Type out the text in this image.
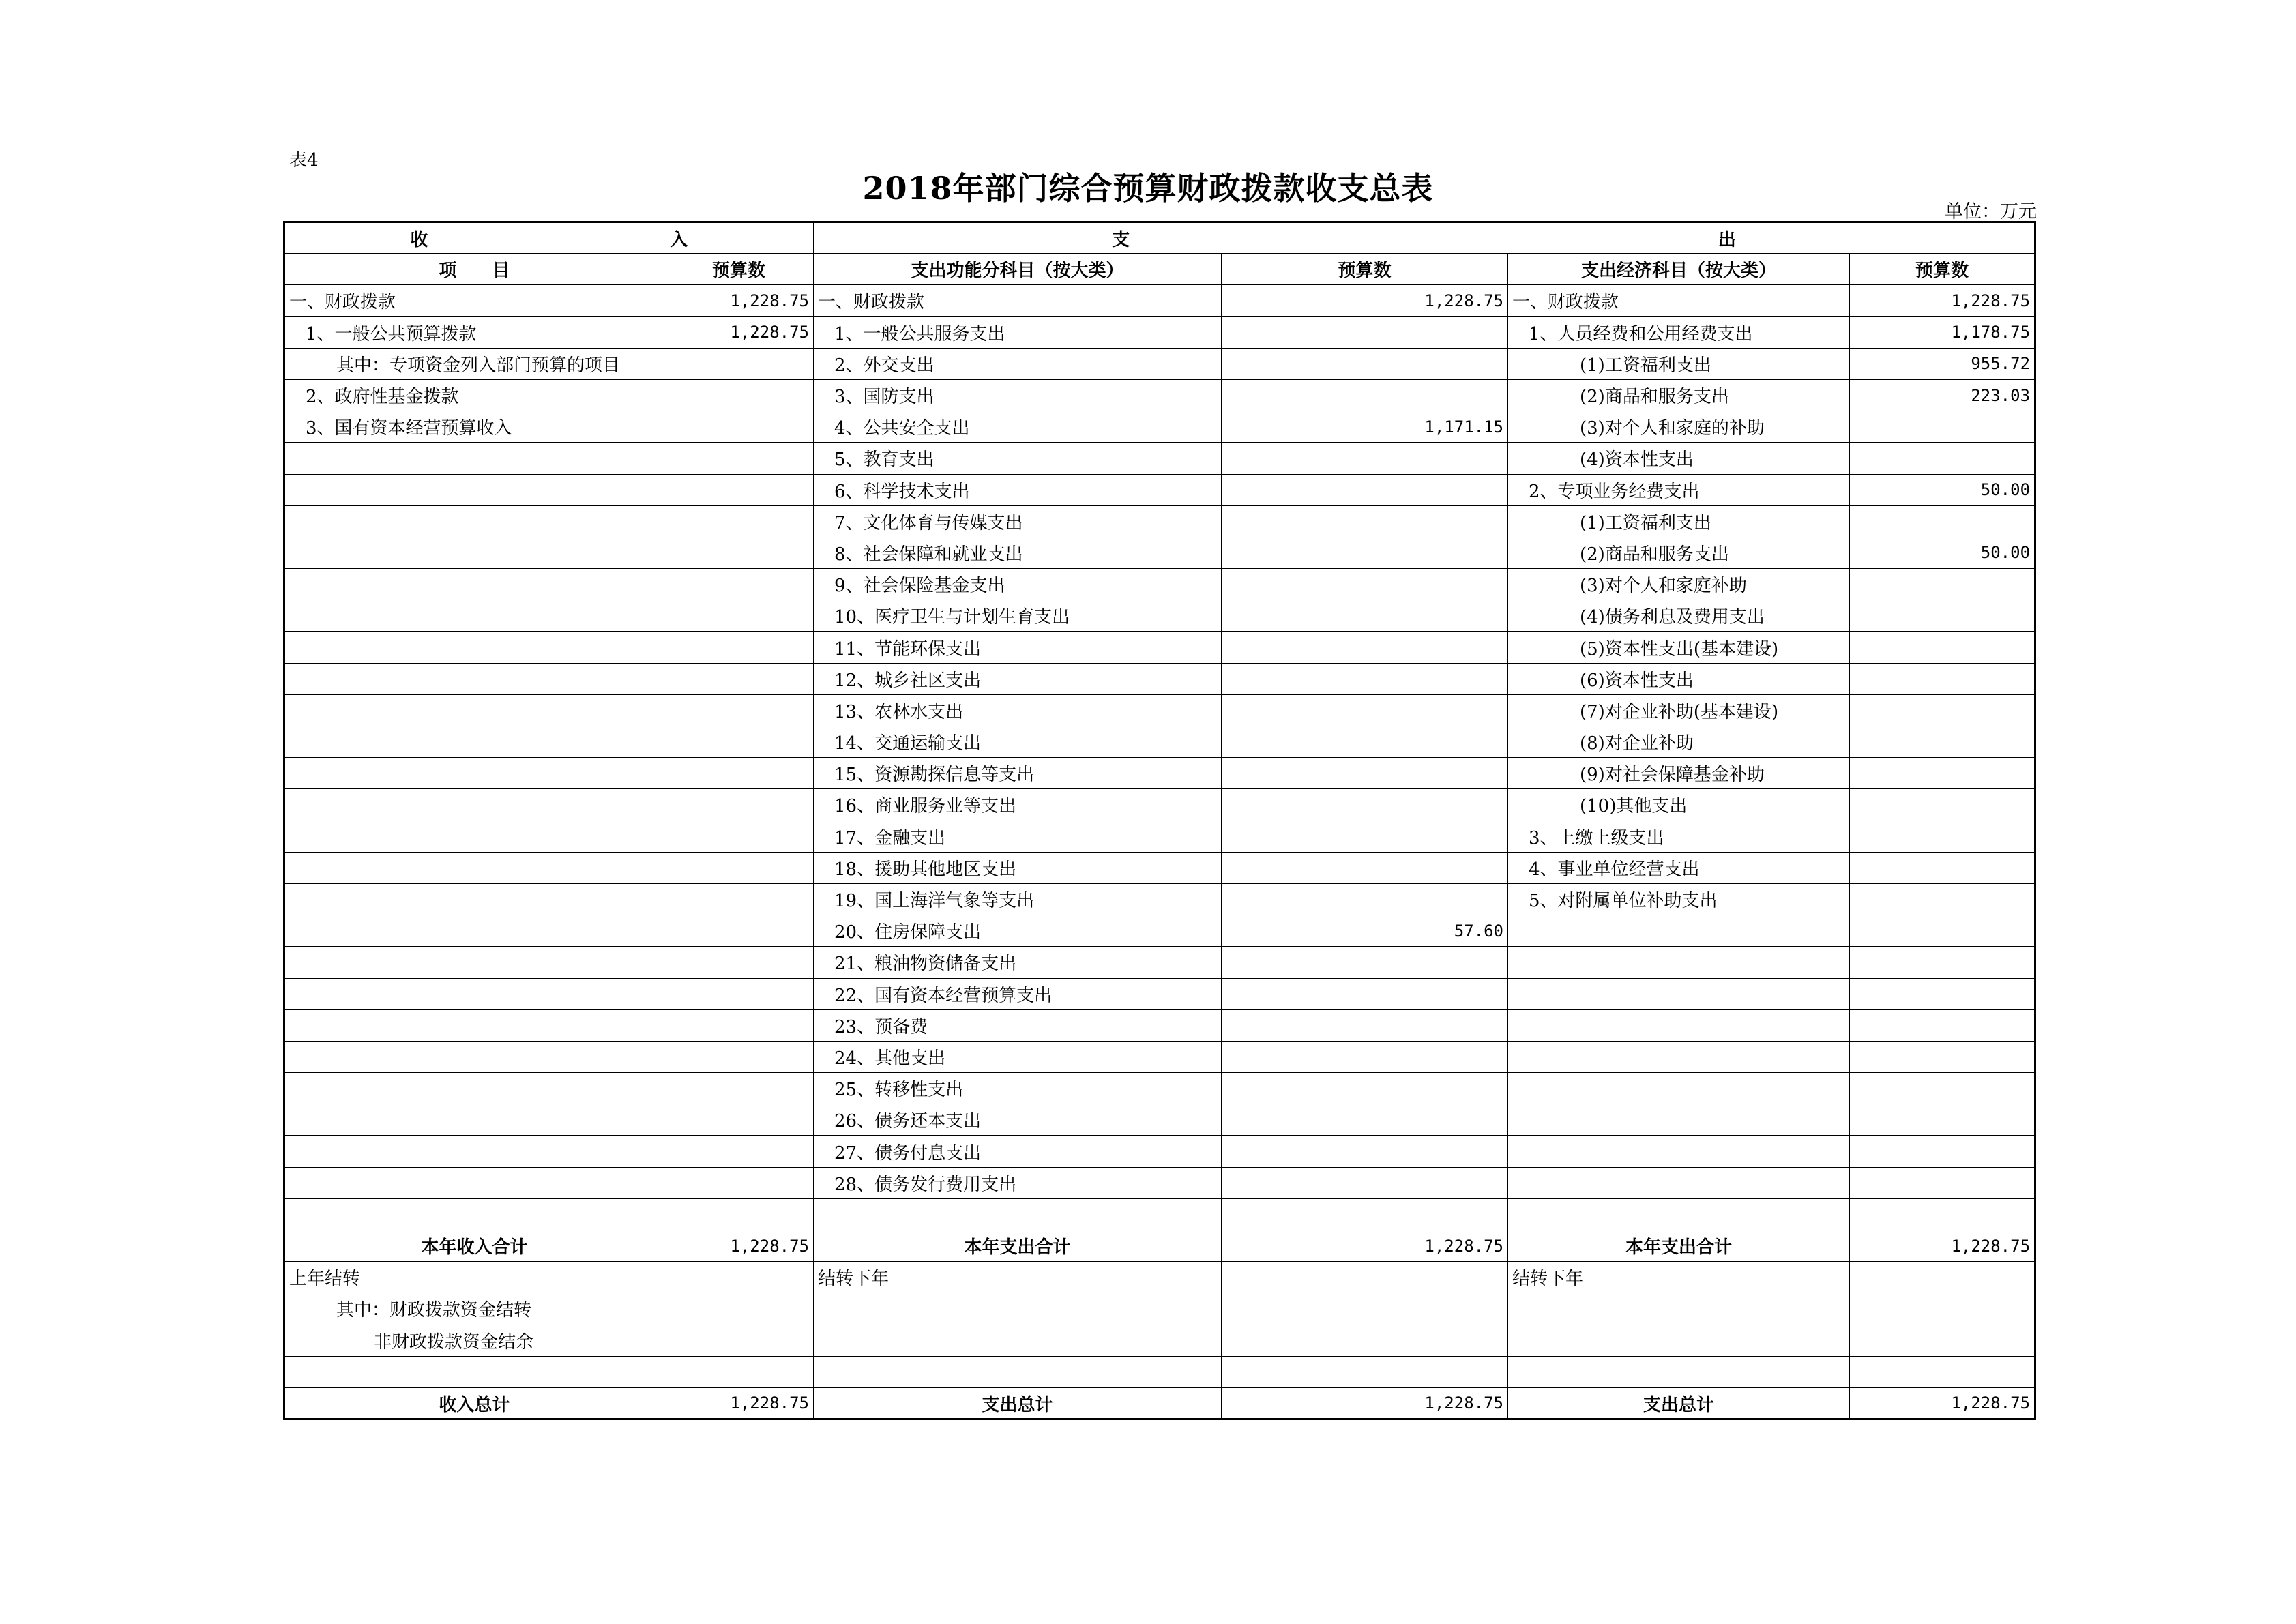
表4
2018年部门综合预算财政拨款收支总表
单位：万元
收 入		支 出			

项　　目	预算数	支出功能分科目（按大类）	预算数	支出经济科目（按大类）	预算数
一、财政拨款	1,228.75	一、财政拨款	1,228.75	一、财政拨款	1,228.75
1、一般公共预算拨款	1,228.75	1、一般公共服务支出		1、人员经费和公用经费支出	1,178.75
其中：专项资金列入部门预算的项目		2、外交支出		(1)工资福利支出	955.72
2、政府性基金拨款		3、国防支出		(2)商品和服务支出	223.03
3、国有资本经营预算收入		4、公共安全支出	1,171.15	(3)对个人和家庭的补助	
		5、教育支出		(4)资本性支出	
		6、科学技术支出		2、专项业务经费支出	50.00
		7、文化体育与传媒支出		(1)工资福利支出	
		8、社会保障和就业支出		(2)商品和服务支出	50.00
		9、社会保险基金支出		(3)对个人和家庭补助	
		10、医疗卫生与计划生育支出		(4)债务利息及费用支出	
		11、节能环保支出		(5)资本性支出(基本建设)	
		12、城乡社区支出		(6)资本性支出	
		13、农林水支出		(7)对企业补助(基本建设)	
		14、交通运输支出		(8)对企业补助	
		15、资源勘探信息等支出		(9)对社会保障基金补助	
		16、商业服务业等支出		(10)其他支出	
		17、金融支出		3、上缴上级支出	
		18、援助其他地区支出		4、事业单位经营支出	
		19、国土海洋气象等支出		5、对附属单位补助支出	
		20、住房保障支出	57.60		
		21、粮油物资储备支出			
		22、国有资本经营预算支出			
		23、预备费			
		24、其他支出			
		25、转移性支出			
		26、债务还本支出			
		27、债务付息支出			
		28、债务发行费用支出			

本年收入合计	1,228.75	本年支出合计	1,228.75	本年支出合计	1,228.75
上年结转		结转下年		结转下年	
其中：财政拨款资金结转					
非财政拨款资金结余					

收入总计	1,228.75	支出总计	1,228.75	支出总计	1,228.75
